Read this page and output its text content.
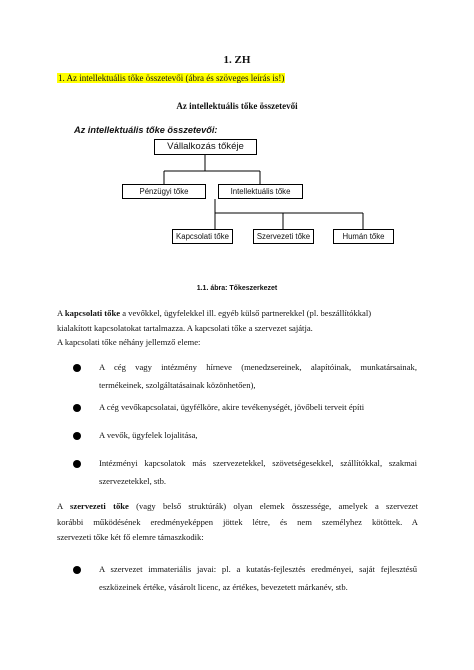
1. ZH
1. Az intellektuális tőke összetevői (ábra és szöveges leírás is!)
Az intellektuális tőke összetevői
Az intellektuális tőke összetevői:
Vállalkozás tőkéje
Pénzügyi tőke	Intellektuális tőke
Kapcsolati tőke	Szervezeti tőke	Humán tőke
1.1. ábra: Tőkeszerkezet
A kapcsolati tőke a vevőkkel, ügyfelekkel ill. egyéb külső partnerekkel (pl. beszállítókkal)
kialakított kapcsolatokat tartalmazza. A kapcsolati tőke a szervezet sajátja.
A kapcsolati tőke néhány jellemző eleme:
A cég vagy intézmény hírneve (menedzsereinek, alapítóinak, munkatársainak,
termékeinek, szolgáltatásainak közönhetően),
A cég vevőkapcsolatai, ügyfélköre, akire tevékenységét, jövőbeli terveit építi
A vevők, ügyfelek lojalitása,
Intézményi kapcsolatok más szervezetekkel, szövetségesekkel, szállítókkal, szakmai
szervezetekkel, stb.
A szervezeti tőke (vagy belső struktúrák) olyan elemek összessége, amelyek a szervezet
korábbi működésének eredményeképpen jöttek létre, és nem személyhez kötöttek. A
szervezeti tőke két fő elemre támaszkodik:
A szervezet immateriális javai: pl. a kutatás-fejlesztés eredményei, saját fejlesztésű
eszközeinek értéke, vásárolt licenc, az értékes, bevezetett márkanév, stb.
